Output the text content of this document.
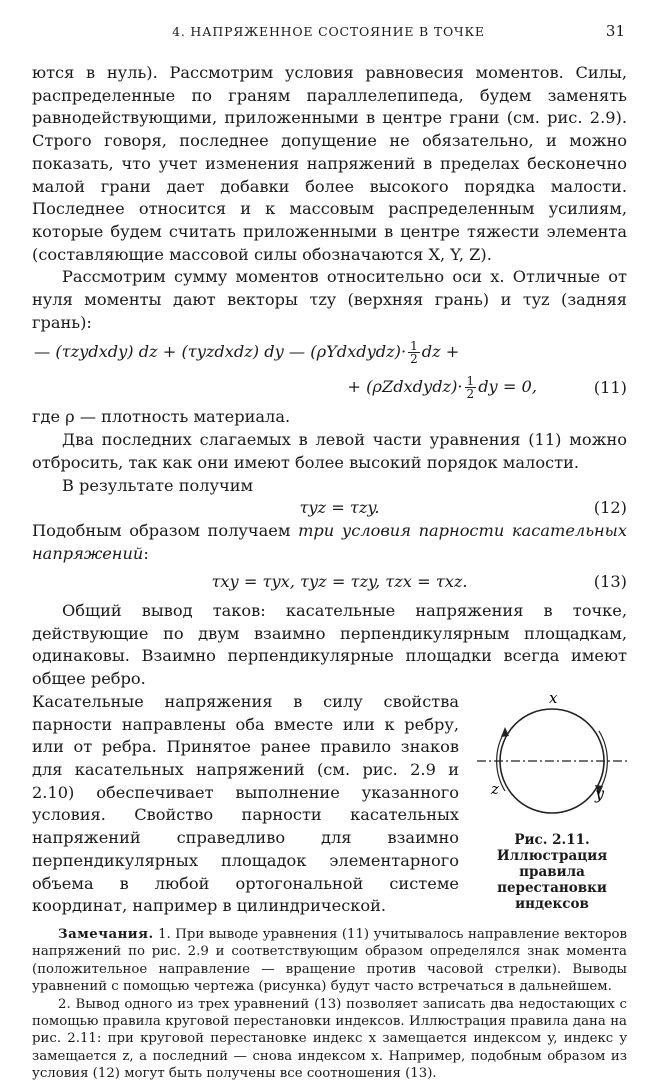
4. НАПРЯЖЕННОЕ СОСТОЯНИЕ В ТОЧКЕ	31

ются в нуль). Рассмотрим условия равновесия моментов. Силы, распределенные по граням параллелепипеда, будем заменять равнодействующими, приложенными в центре грани (см. рис. 2.9). Строго говоря, последнее допущение не обязательно, и можно показать, что учет изменения напряжений в пределах бесконечно малой грани дает добавки более высокого порядка малости. Последнее относится и к массовым распределенным усилиям, которые будем считать приложенными в центре тяжести элемента (составляющие массовой силы обозначаются X, Y, Z).

Рассмотрим сумму моментов относительно оси x. Отличные от нуля моменты дают векторы τzy (верхняя грань) и τyz (задняя грань):

— (τzydxdy) dz + (τyzdxdz) dy — (ρYdxdydz)· $\frac{1}{2}$ dz +
+ (ρZdxdydz)· $\frac{1}{2}$ dy = 0,	(11)

где ρ — плотность материала.

Два последних слагаемых в левой части уравнения (11) можно отбросить, так как они имеют более высокий порядок малости.

В результате получим

τyz = τzy.	(12)

Подобным образом получаем три условия парности касательных напряжений:

τxy = τyx, τyz = τzy, τzx = τxz.	(13)

Общий вывод таков: касательные напряжения в точке, действующие по двум взаимно перпендикулярным площадкам, одинаковы. Взаимно перпендикулярные площадки всегда имеют общее ребро.

Касательные напряжения в силу свойства парности направлены оба вместе или к ребру, или от ребра. Принятое ранее правило знаков для касательных напряжений (см. рис. 2.9 и 2.10) обеспечивает выполнение указанного условия. Свойство парности касательных напряжений справедливо для взаимно перпендикулярных площадок элементарного объема в любой ортогональной системе координат, например в цилиндрической.

x
z	y
Рис. 2.11. Иллюстрация правила перестановки индексов

Замечания. 1. При выводе уравнения (11) учитывалось направление векторов напряжений по рис. 2.9 и соответствующим образом определялся знак момента (положительное направление — вращение против часовой стрелки). Выводы уравнений с помощью чертежа (рисунка) будут часто встречаться в дальнейшем.

2. Вывод одного из трех уравнений (13) позволяет записать два недостающих с помощью правила круговой перестановки индексов. Иллюстрация правила дана на рис. 2.11: при круговой перестановке индекс x замещается индексом y, индекс y замещается z, а последний — снова индексом x. Например, подобным образом из условия (12) могут быть получены все соотношения (13).
